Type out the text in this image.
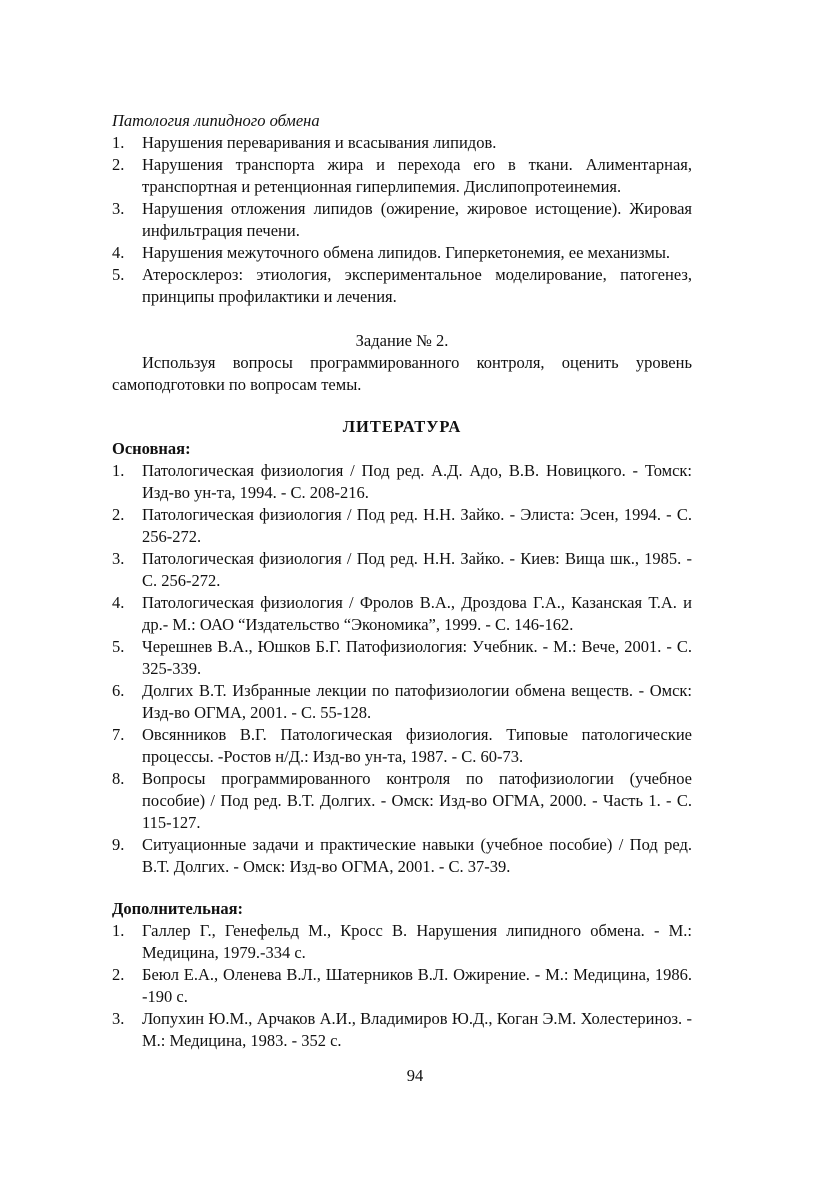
Патология липидного обмена

1. Нарушения переваривания и всасывания липидов.
2. Нарушения транспорта жира и перехода его в ткани. Алиментарная, транспортная и ретенционная гиперлипемия. Дислипопротеинемия.
3. Нарушения отложения липидов (ожирение, жировое истощение). Жировая инфильтрация печени.
4. Нарушения межуточного обмена липидов. Гиперкетонемия, ее механизмы.
5. Атеросклероз: этиология, экспериментальное моделирование, патогенез, принципы профилактики и лечения.
Задание № 2.
Используя вопросы программированного контроля, оценить уровень самоподготовки по вопросам темы.
ЛИТЕРАТУРА
Основная:
1. Патологическая физиология / Под ред. А.Д. Адо, В.В. Новицкого. - Томск: Изд-во ун-та, 1994. - С. 208-216.
2. Патологическая физиология / Под ред. Н.Н. Зайко. - Элиста: Эсен, 1994. - С. 256-272.
3. Патологическая физиология / Под ред. Н.Н. Зайко. - Киев: Вища шк., 1985. - С. 256-272.
4. Патологическая физиология / Фролов В.А., Дроздова Г.А., Казанская Т.А. и др.- М.: ОАО “Издательство “Экономика”, 1999. - С. 146-162.
5. Черешнев В.А., Юшков Б.Г. Патофизиология: Учебник. - М.: Вече, 2001. - С. 325-339.
6. Долгих В.Т. Избранные лекции по патофизиологии обмена веществ. - Омск: Изд-во ОГМА, 2001. - С. 55-128.
7. Овсянников В.Г. Патологическая физиология. Типовые патологические процессы. -Ростов н/Д.: Изд-во ун-та, 1987. - С. 60-73.
8. Вопросы программированного контроля по патофизиологии (учебное пособие) / Под ред. В.Т. Долгих. - Омск: Изд-во ОГМА, 2000. - Часть 1. - С. 115-127.
9. Ситуационные задачи и практические навыки (учебное пособие) / Под ред. В.Т. Долгих. - Омск: Изд-во ОГМА, 2001. - С. 37-39.
Дополнительная:
1. Галлер Г., Генефельд М., Кросс В. Нарушения липидного обмена. - М.: Медицина, 1979.-334 с.
2. Беюл Е.А., Оленева В.Л., Шатерников В.Л. Ожирение. - М.: Медицина, 1986. -190 с.
3. Лопухин Ю.М., Арчаков А.И., Владимиров Ю.Д., Коган Э.М. Холестериноз. - М.: Медицина, 1983. - 352 с.
94
